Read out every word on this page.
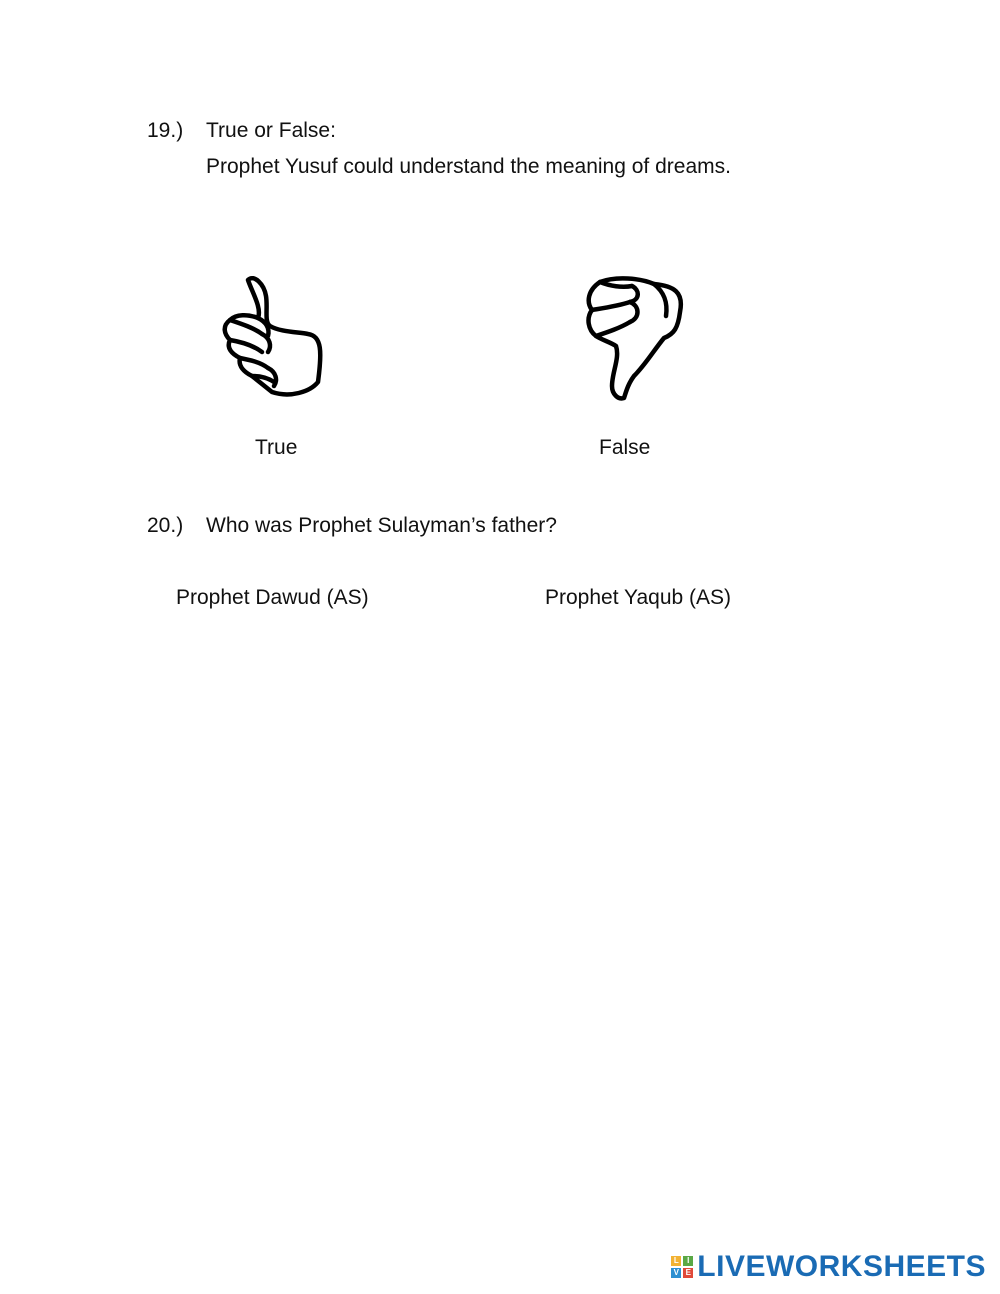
19.) True or False:
Prophet Yusuf could understand the meaning of dreams.
True	False
20.) Who was Prophet Sulayman’s father?
Prophet Dawud (AS)	Prophet Yaqub (AS)
L	I
V E LIVEWORKSHEETS
